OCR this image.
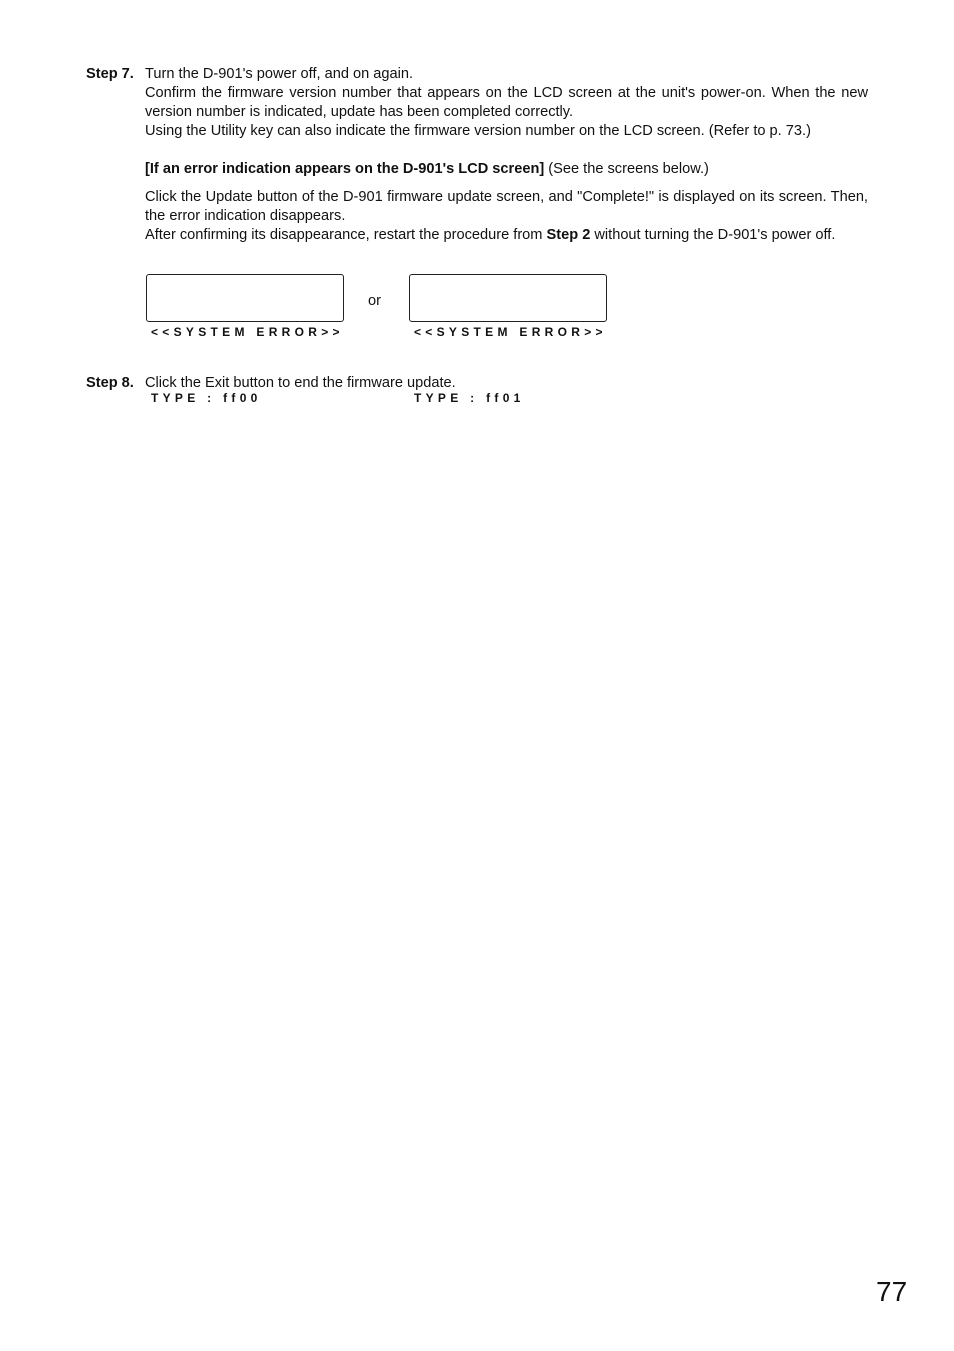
Step 7. Turn the D-901's power off, and on again.

Confirm the firmware version number that appears on the LCD screen at the unit's power-on. When the new version number is indicated, update has been completed correctly.

Using the Utility key can also indicate the firmware version number on the LCD screen. (Refer to p. 73.)

[If an error indication appears on the D-901's LCD screen] (See the screens below.)

Click the Update button of the D-901 firmware update screen, and "Complete!" is displayed on its screen. Then, the error indication disappears.

After confirming its disappearance, restart the procedure from Step 2 without turning the D-901's power off.

<<SYSTEM ERROR>>

TYPE : ff00

or

<<SYSTEM ERROR>>

TYPE : ff01

Step 8. Click the Exit button to end the firmware update.

77
